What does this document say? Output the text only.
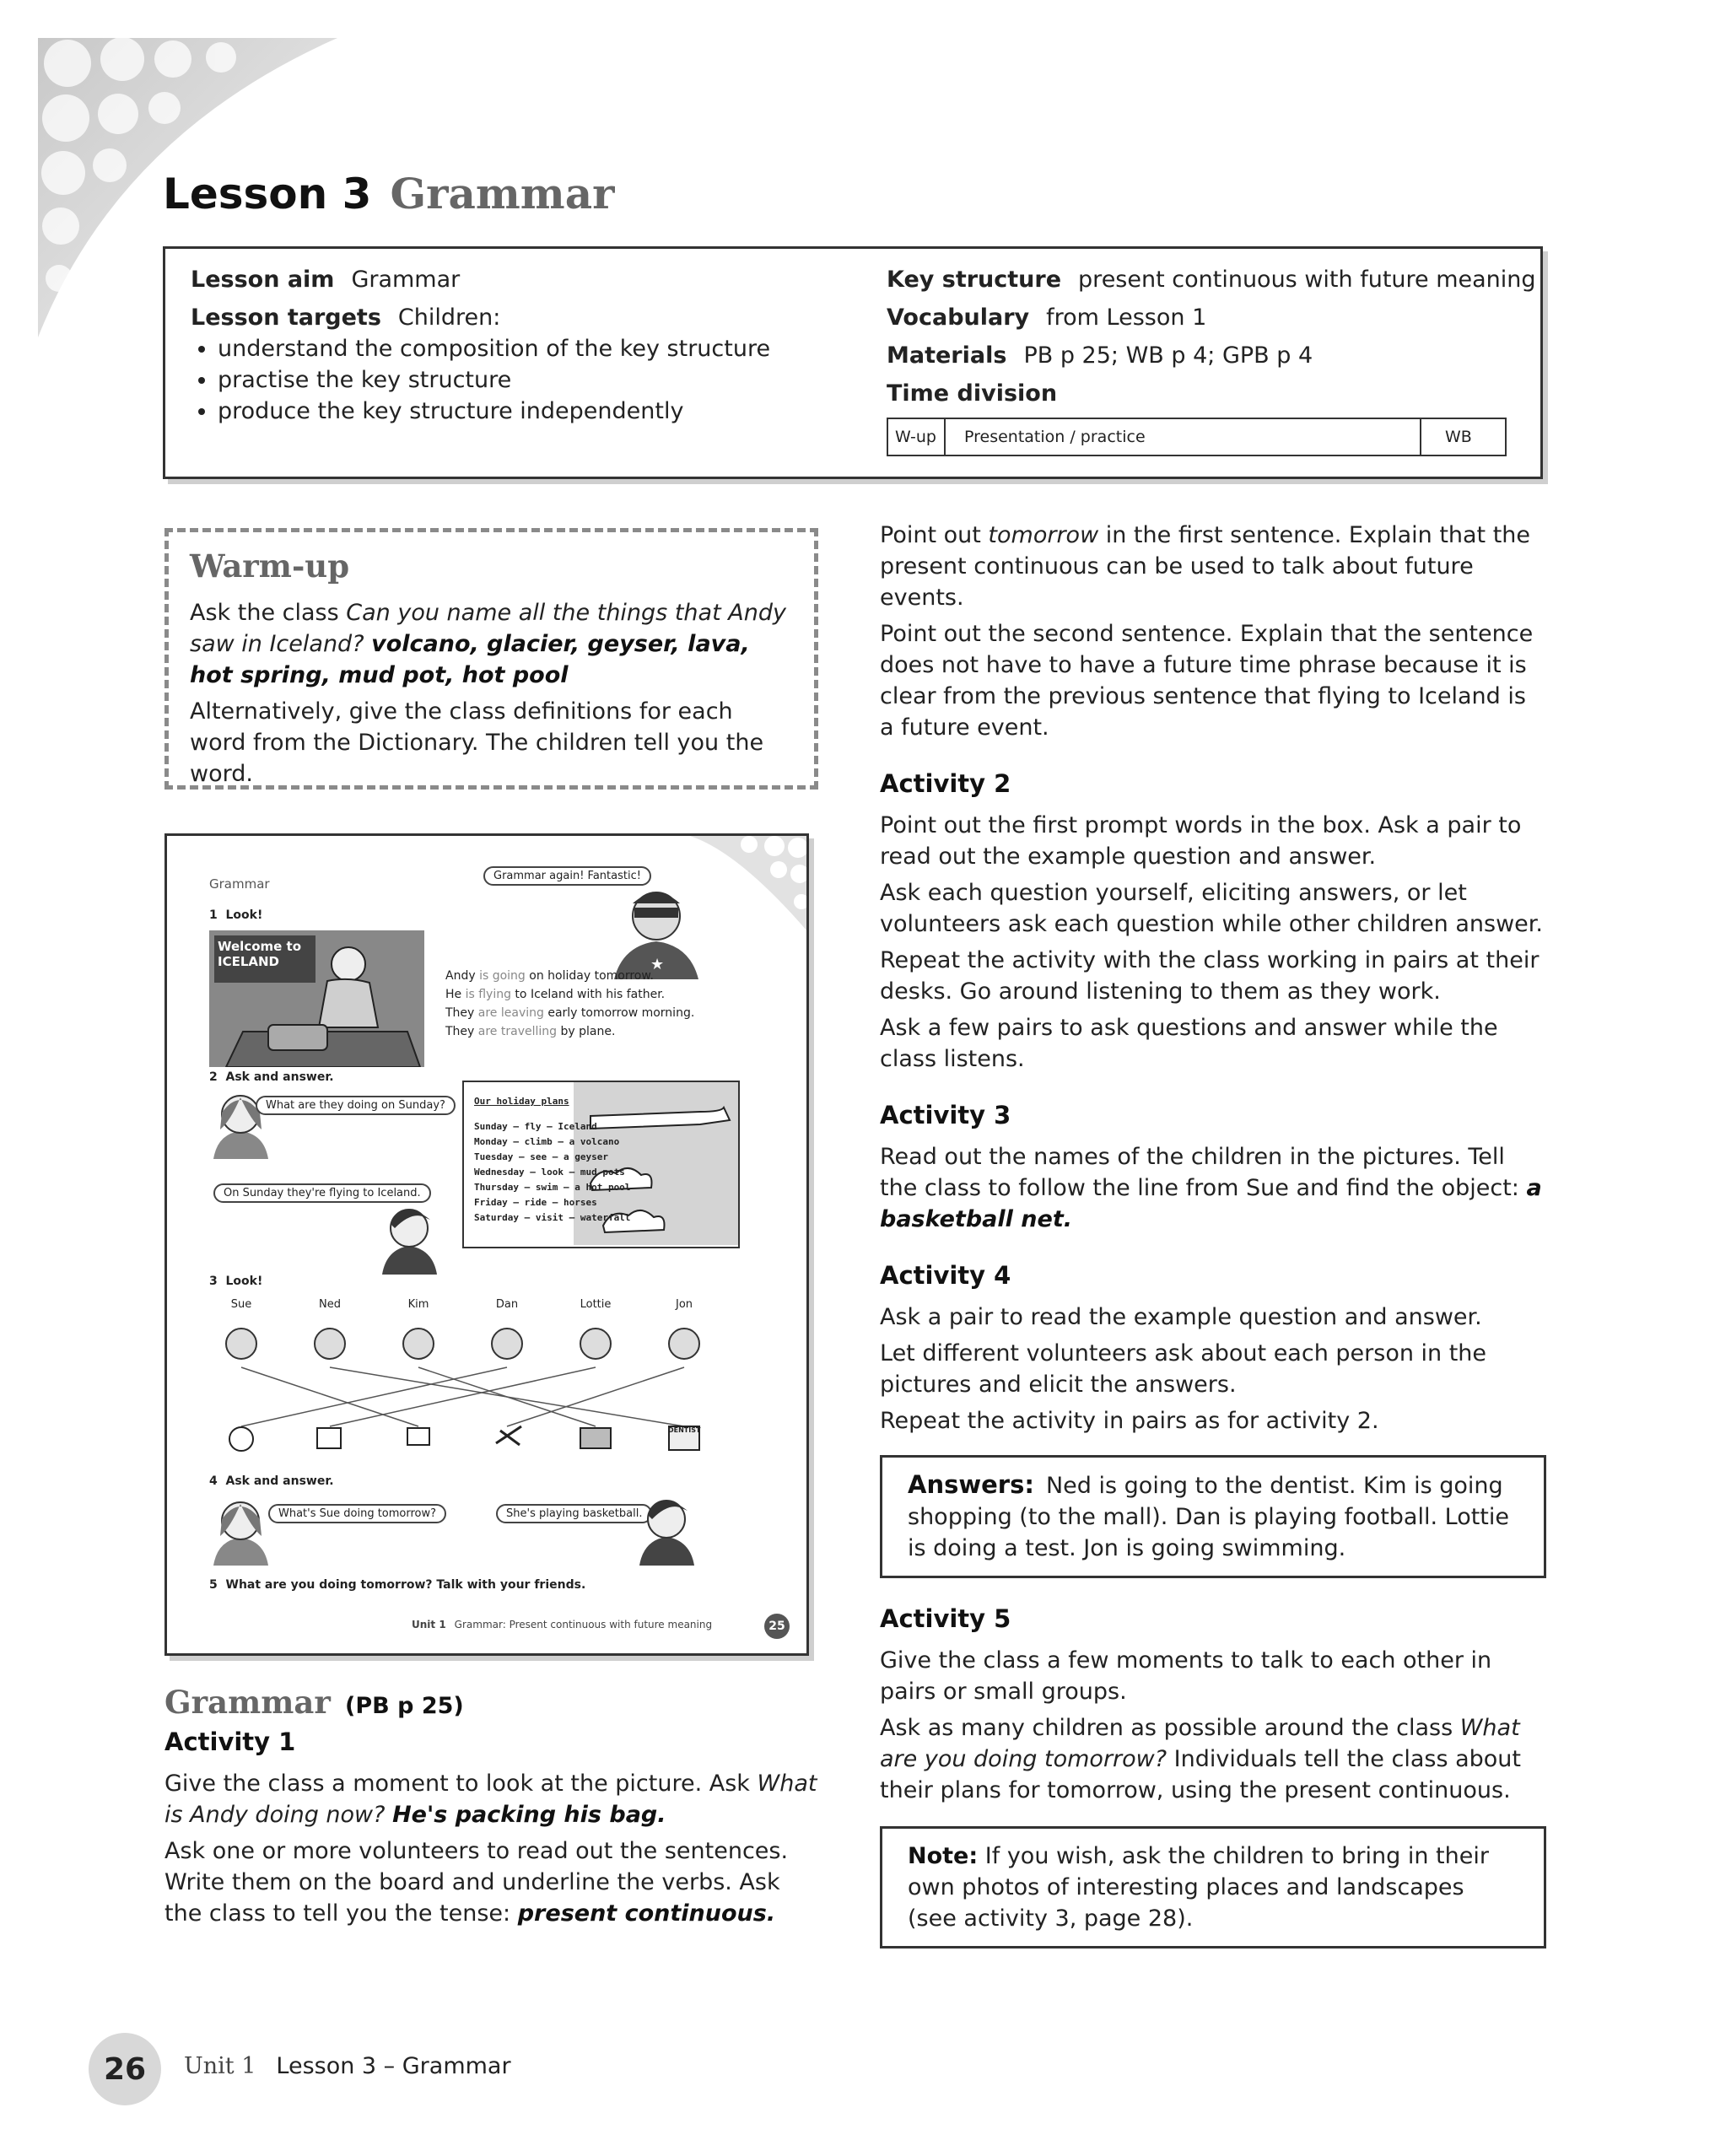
Lesson 3 Grammar
Lesson aim Grammar
Lesson targets Children:
• understand the composition of the key structure
• practise the key structure
• produce the key structure independently
Key structure present continuous with future meaning
Vocabulary from Lesson 1
Materials PB p 25; WB p 4; GPB p 4
Time division
W-up	Presentation / practice	WB
Warm-up

Ask the class Can you name all the things that Andy saw in Iceland? volcano, glacier, geyser, lava, hot spring, mud pot, hot pool

Alternatively, give the class definitions for each word from the Dictionary. The children tell you the word.

Grammar
Grammar again! Fantastic!
★
1 Look!
Welcome to ICELAND
Andy is going on holiday tomorrow.
He is flying to Iceland with his father.
They are leaving early tomorrow morning.
They are travelling by plane.
2 Ask and answer.
What are they doing on Sunday?
On Sunday they're flying to Iceland.
Our holiday plans
Sunday – fly – Iceland
Monday – climb – a volcano
Tuesday – see – a geyser
Wednesday – look – mud pots
Thursday – swim – a hot pool
Friday – ride – horses
Saturday – visit – waterfall
3 Look!
Sue	Ned	Kim	Dan	Lottie	Jon
DENTIST
4 Ask and answer.
What's Sue doing tomorrow?	She's playing basketball.
5 What are you doing tomorrow? Talk with your friends.
Unit 1 Grammar: Present continuous with future meaning	25
Grammar (PB p 25)
Activity 1

Give the class a moment to look at the picture. Ask What is Andy doing now? He's packing his bag.

Ask one or more volunteers to read out the sentences. Write them on the board and underline the verbs. Ask the class to tell you the tense: present continuous.

Point out tomorrow in the first sentence. Explain that the present continuous can be used to talk about future events.

Point out the second sentence. Explain that the sentence does not have to have a future time phrase because it is clear from the previous sentence that flying to Iceland is a future event.

Activity 2

Point out the first prompt words in the box. Ask a pair to read out the example question and answer.

Ask each question yourself, eliciting answers, or let volunteers ask each question while other children answer.

Repeat the activity with the class working in pairs at their desks. Go around listening to them as they work.

Ask a few pairs to ask questions and answer while the class listens.

Activity 3

Read out the names of the children in the pictures. Tell the class to follow the line from Sue and find the object: a basketball net.

Activity 4

Ask a pair to read the example question and answer.

Let different volunteers ask about each person in the pictures and elicit the answers.

Repeat the activity in pairs as for activity 2.

Answers: Ned is going to the dentist. Kim is going shopping (to the mall). Dan is playing football. Lottie is doing a test. Jon is going swimming.
Activity 5

Give the class a few moments to talk to each other in pairs or small groups.

Ask as many children as possible around the class What are you doing tomorrow? Individuals tell the class about their plans for tomorrow, using the present continuous.

Note: If you wish, ask the children to bring in their own photos of interesting places and landscapes (see activity 3, page 28).
26	Unit 1 Lesson 3 – Grammar
